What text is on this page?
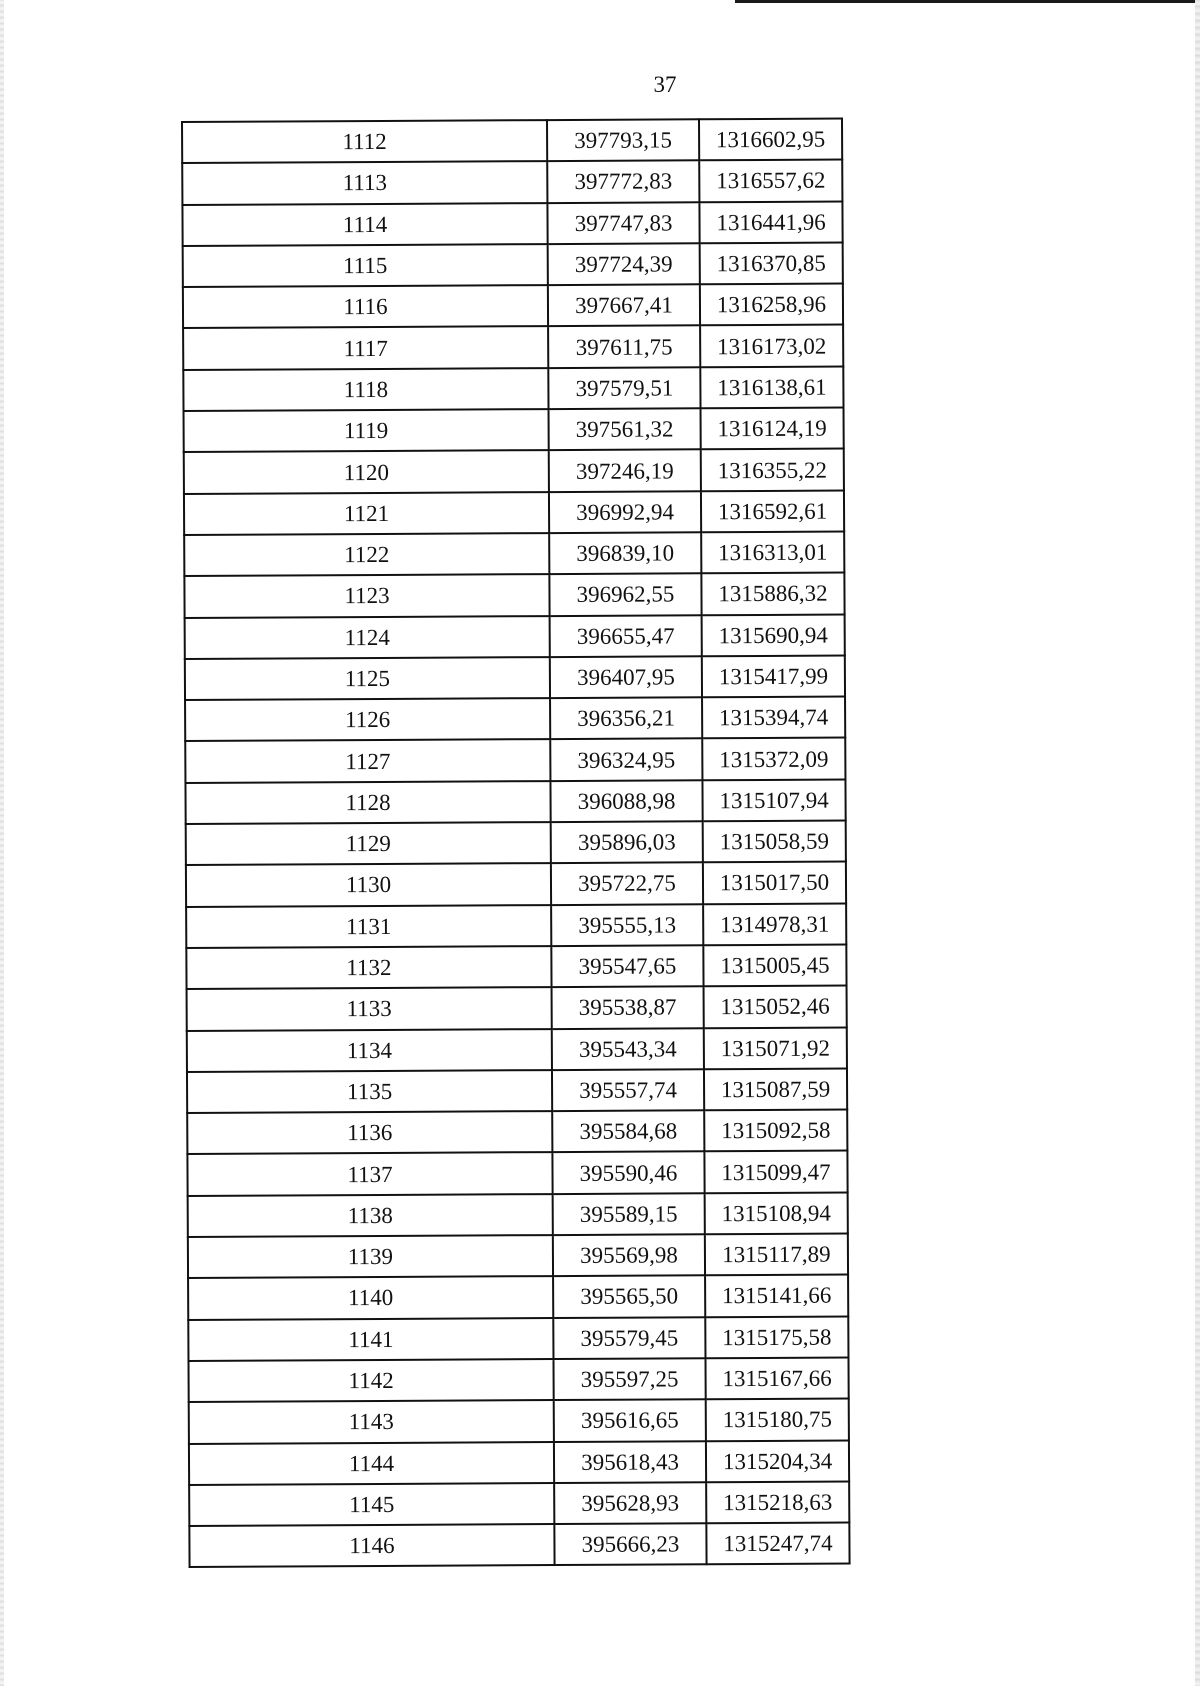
37
1112	397793,15	1316602,95
1113	397772,83	1316557,62
1114	397747,83	1316441,96
1115	397724,39	1316370,85
1116	397667,41	1316258,96
1117	397611,75	1316173,02
1118	397579,51	1316138,61
1119	397561,32	1316124,19
1120	397246,19	1316355,22
1121	396992,94	1316592,61
1122	396839,10	1316313,01
1123	396962,55	1315886,32
1124	396655,47	1315690,94
1125	396407,95	1315417,99
1126	396356,21	1315394,74
1127	396324,95	1315372,09
1128	396088,98	1315107,94
1129	395896,03	1315058,59
1130	395722,75	1315017,50
1131	395555,13	1314978,31
1132	395547,65	1315005,45
1133	395538,87	1315052,46
1134	395543,34	1315071,92
1135	395557,74	1315087,59
1136	395584,68	1315092,58
1137	395590,46	1315099,47
1138	395589,15	1315108,94
1139	395569,98	1315117,89
1140	395565,50	1315141,66
1141	395579,45	1315175,58
1142	395597,25	1315167,66
1143	395616,65	1315180,75
1144	395618,43	1315204,34
1145	395628,93	1315218,63
1146	395666,23	1315247,74
